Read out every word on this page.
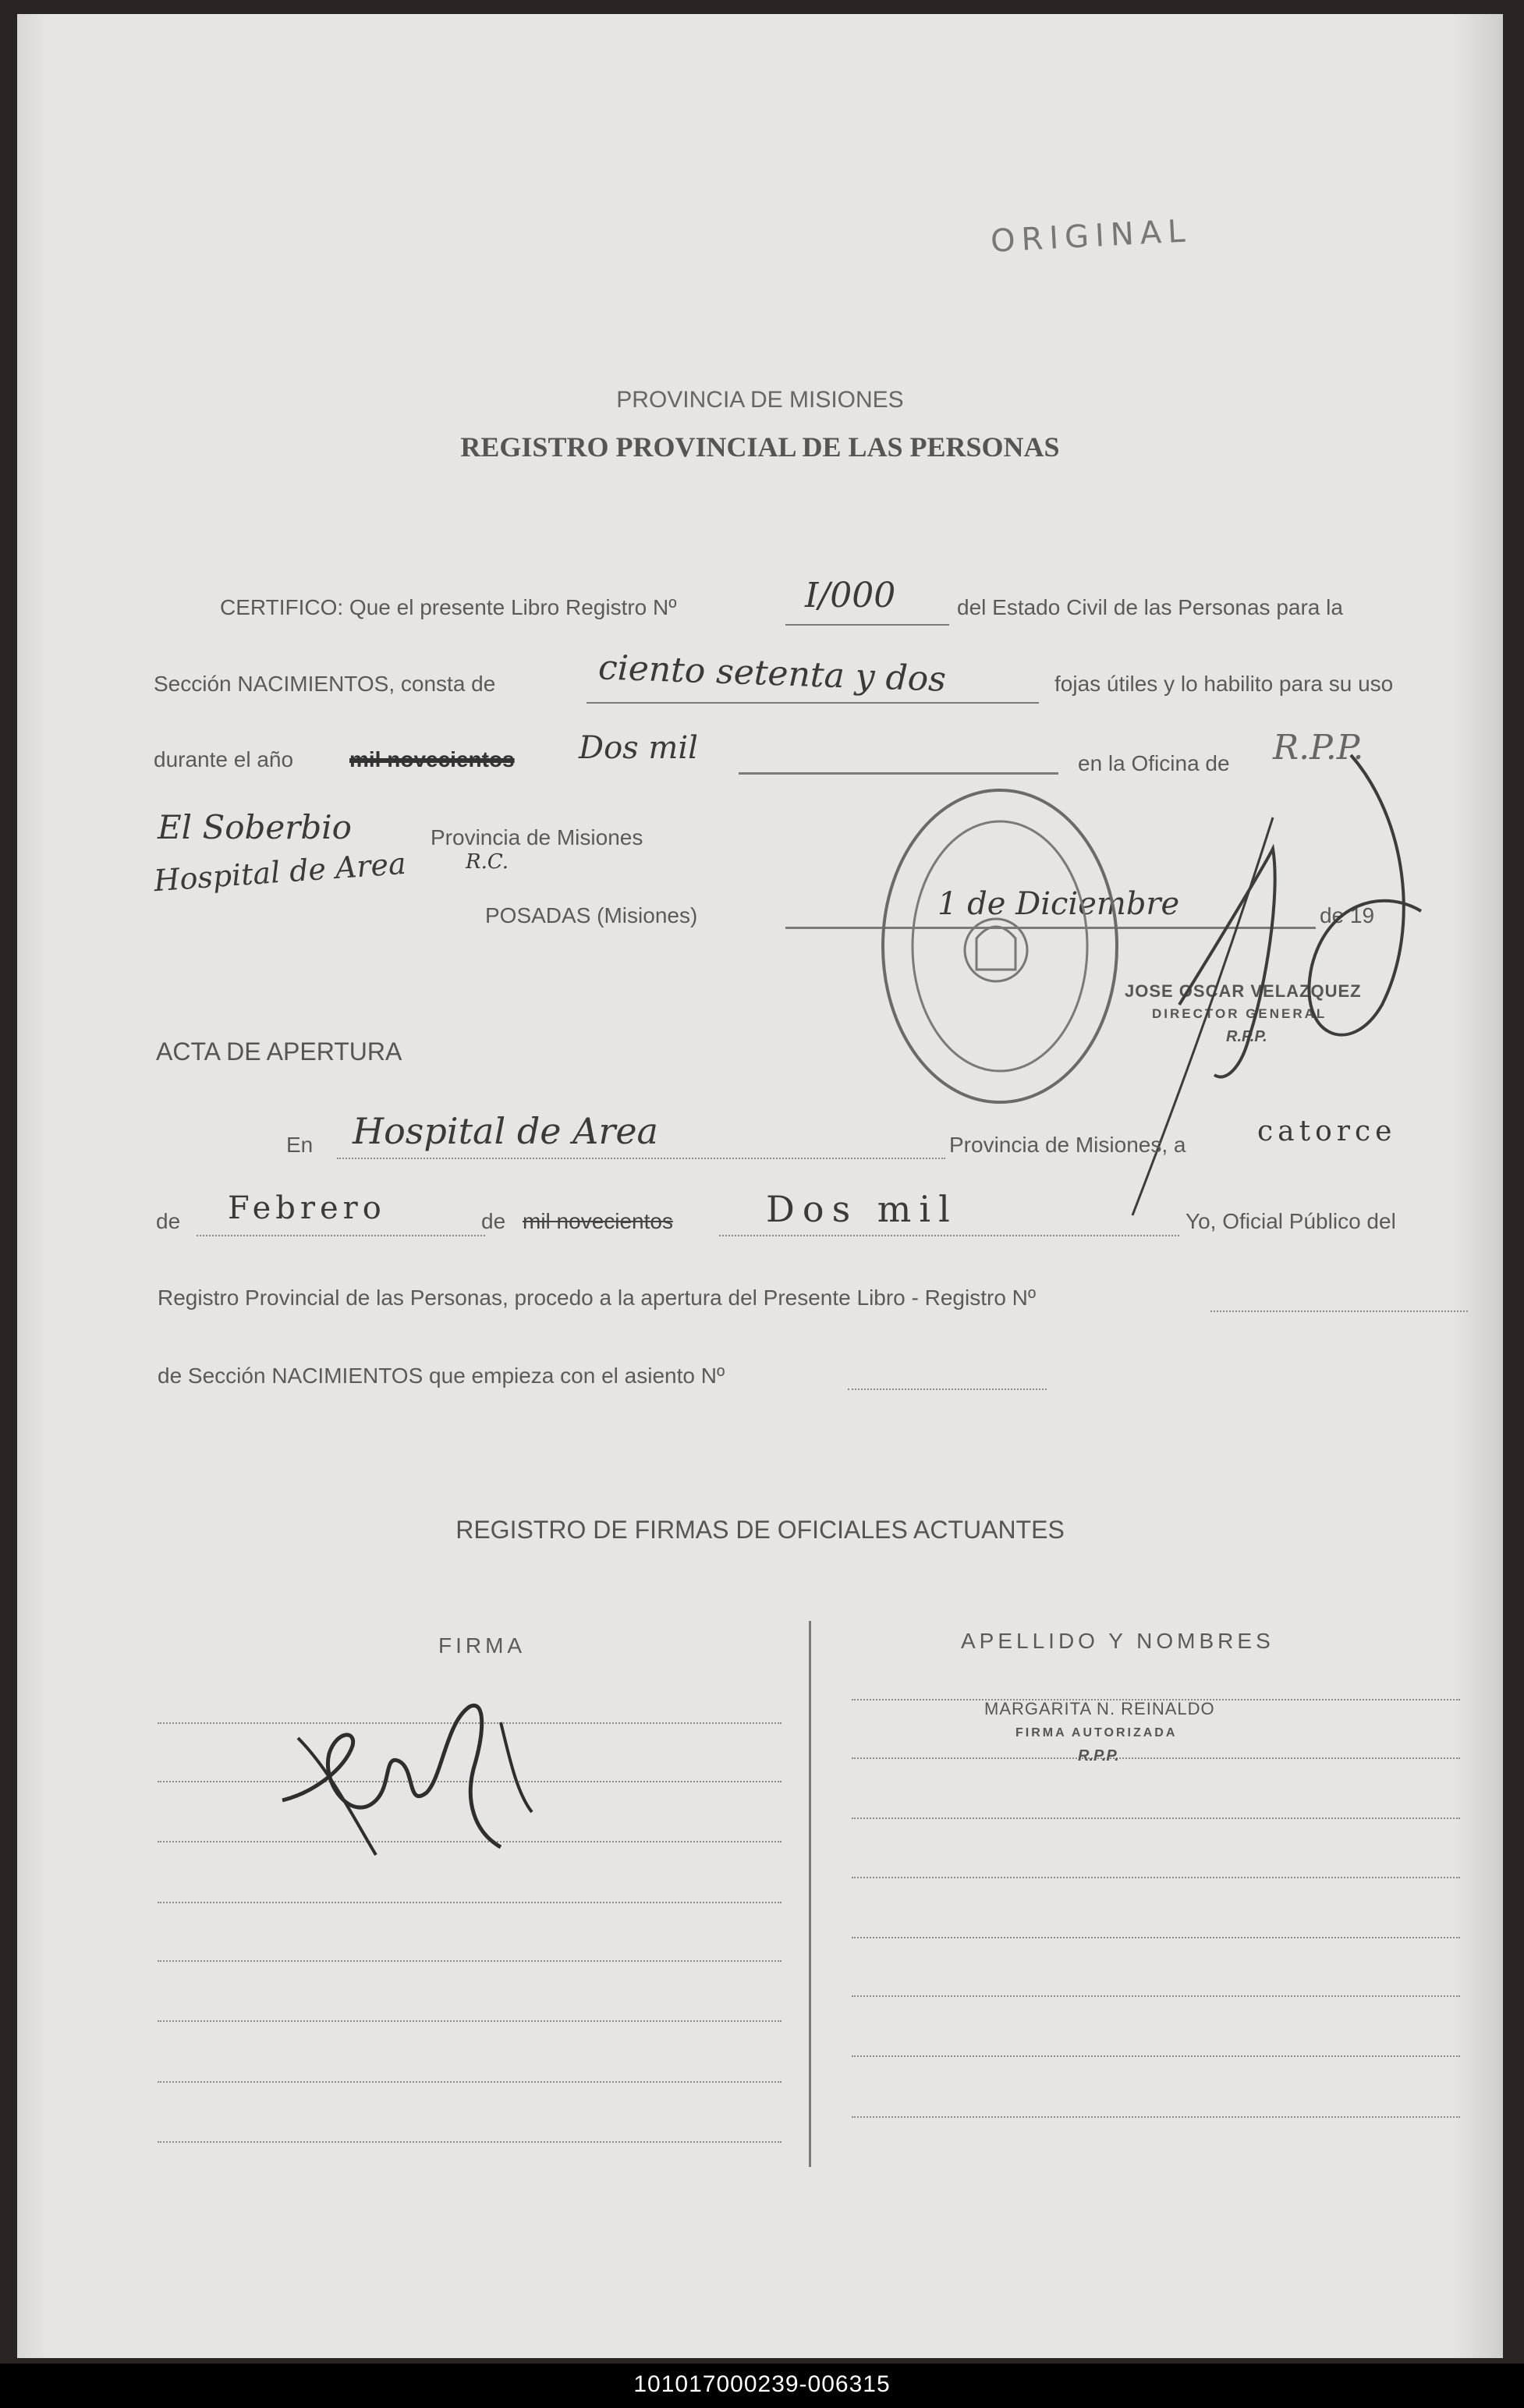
ORIGINAL
PROVINCIA DE MISIONES
REGISTRO PROVINCIAL DE LAS PERSONAS
CERTIFICO: Que el presente Libro Registro Nº	I/000	del Estado Civil de las Personas para la
Sección NACIMIENTOS, consta de	ciento setenta y dos	fojas útiles y lo habilito para su uso
durante el año	mil novecientos Dos mil	en la Oficina de R.P.P.
El Soberbio	Provincia de Misiones
Hospital de Area	R.C.
POSADAS (Misiones)	1 de Diciembre	de 19
JOSE OSCAR VELAZQUEZ
DIRECTOR GENERAL
R.P.P.
ACTA DE APERTURA
En Hospital de Area	Provincia de Misiones, a	catorce
de Febrero	de mil novecientos	Dos mil	Yo, Oficial Público del
Registro Provincial de las Personas, procedo a la apertura del Presente Libro - Registro Nº
de Sección NACIMIENTOS que empieza con el asiento Nº
REGISTRO DE FIRMAS DE OFICIALES ACTUANTES
FIRMA	APELLIDO Y NOMBRES
MARGARITA N. REINALDO
FIRMA AUTORIZADA
R.P.P.
101017000239-006315
